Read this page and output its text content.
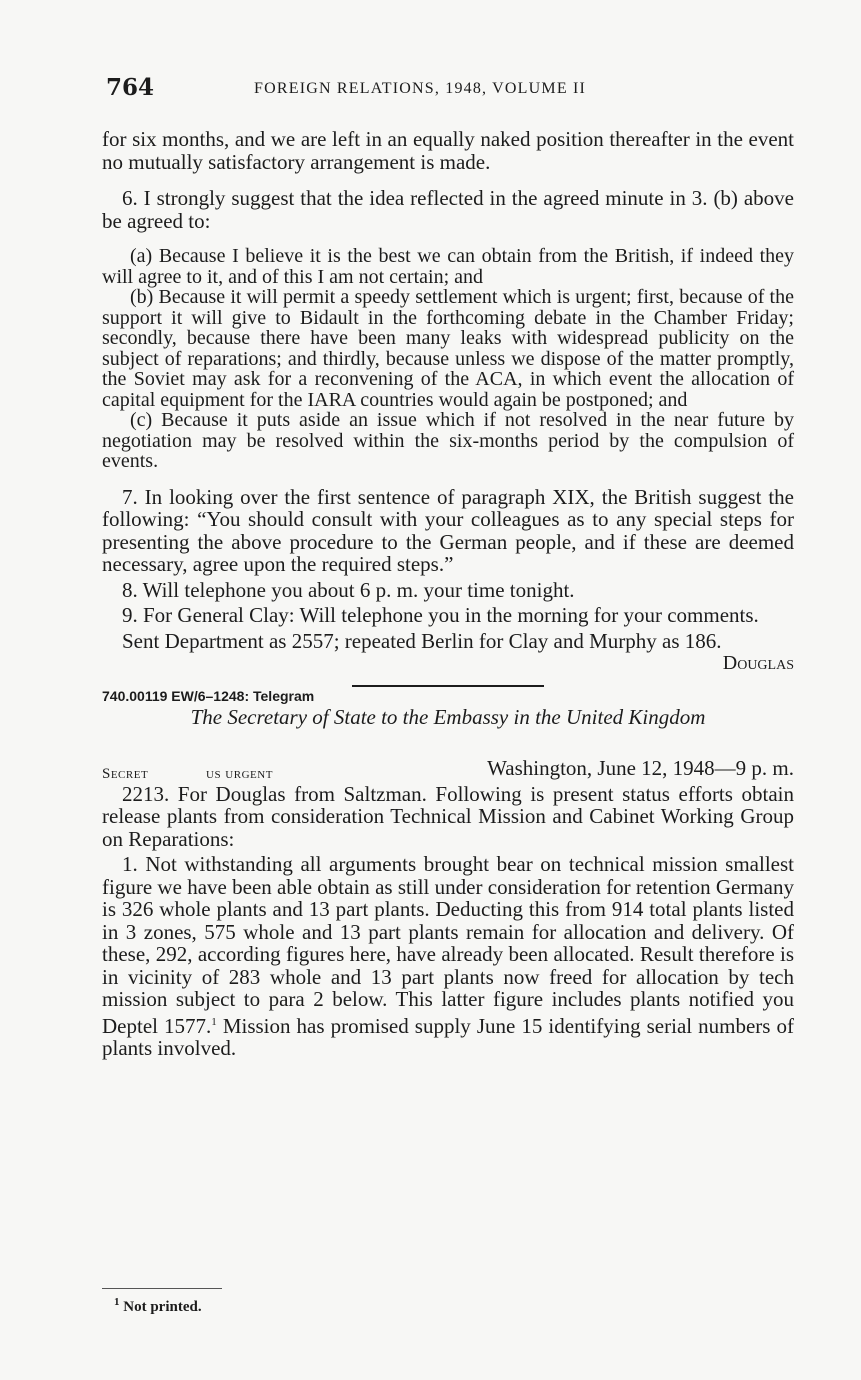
764	FOREIGN RELATIONS, 1948, VOLUME II

for six months, and we are left in an equally naked position thereafter in the event no mutually satisfactory arrangement is made.

6. I strongly suggest that the idea reflected in the agreed minute in 3. (b) above be agreed to:

(a) Because I believe it is the best we can obtain from the British, if indeed they will agree to it, and of this I am not certain; and

(b) Because it will permit a speedy settlement which is urgent; first, because of the support it will give to Bidault in the forthcoming debate in the Chamber Friday; secondly, because there have been many leaks with widespread publicity on the subject of reparations; and thirdly, because unless we dispose of the matter promptly, the Soviet may ask for a reconvening of the ACA, in which event the allocation of capital equipment for the IARA countries would again be postponed; and

(c) Because it puts aside an issue which if not resolved in the near future by negotiation may be resolved within the six-months period by the compulsion of events.

7. In looking over the first sentence of paragraph XIX, the British suggest the following: “You should consult with your colleagues as to any special steps for presenting the above procedure to the German people, and if these are deemed necessary, agree upon the required steps.”

8. Will telephone you about 6 p. m. your time tonight.

9. For General Clay: Will telephone you in the morning for your comments.

Sent Department as 2557; repeated Berlin for Clay and Murphy as 186.

Douglas

740.00119 EW/6–1248: Telegram

The Secretary of State to the Embassy in the United Kingdom

Secret	us urgent	Washington, June 12, 1948—9 p. m.

2213. For Douglas from Saltzman. Following is present status efforts obtain release plants from consideration Technical Mission and Cabinet Working Group on Reparations:

1. Not withstanding all arguments brought bear on technical mission smallest figure we have been able obtain as still under consideration for retention Germany is 326 whole plants and 13 part plants. Deducting this from 914 total plants listed in 3 zones, 575 whole and 13 part plants remain for allocation and delivery. Of these, 292, according figures here, have already been allocated. Result therefore is in vicinity of 283 whole and 13 part plants now freed for allocation by tech mission subject to para 2 below. This latter figure includes plants notified you Deptel 1577.$^1$ Mission has promised supply June 15 identifying serial numbers of plants involved.

$^1$ Not printed.
